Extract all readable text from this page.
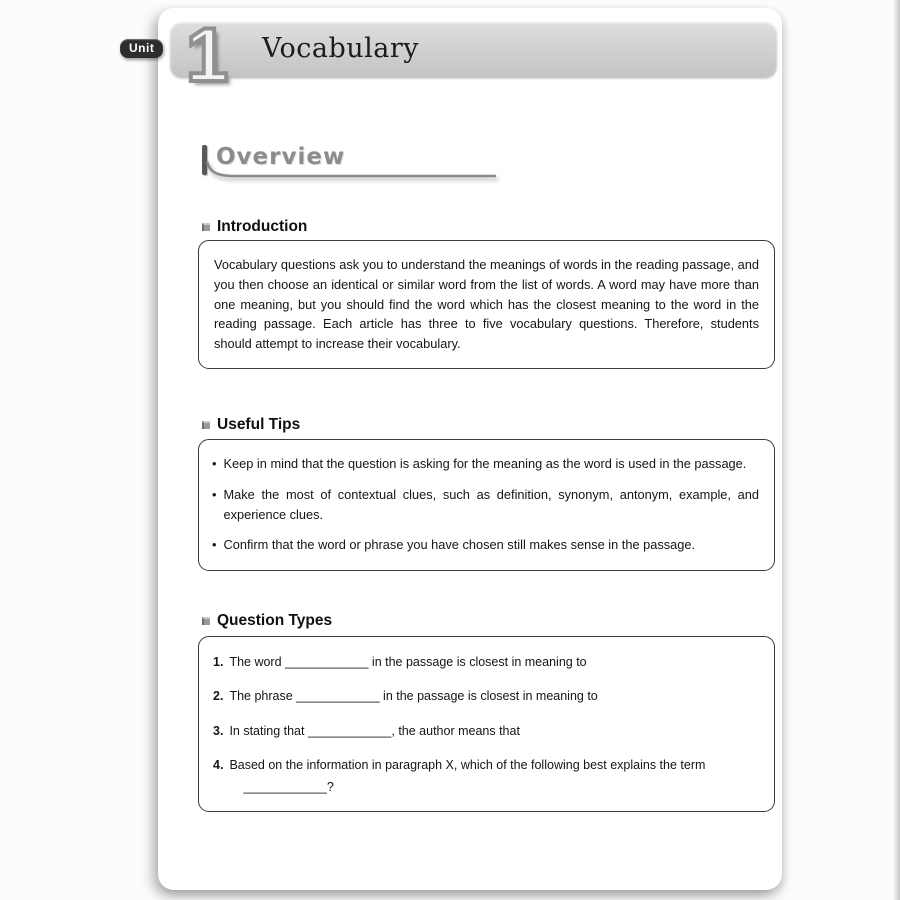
Vocabulary
1
Overview
Introduction

Vocabulary questions ask you to understand the meanings of words in the reading passage, and you then choose an identical or similar word from the list of words. A word may have more than one meaning, but you should find the word which has the closest meaning to the word in the reading passage. Each article has three to five vocabulary questions. Therefore, students should attempt to increase their vocabulary.

Useful Tips
• Keep in mind that the question is asking for the meaning as the word is used in the passage.
• Make the most of contextual clues, such as definition, synonym, antonym, example, and experience clues.
• Confirm that the word or phrase you have chosen still makes sense in the passage.
Question Types
1. The word ____________ in the passage is closest in meaning to
2. The phrase ____________ in the passage is closest in meaning to
3. In stating that ____________, the author means that
4. Based on the information in paragraph X, which of the following best explains the term
____________?
Unit
